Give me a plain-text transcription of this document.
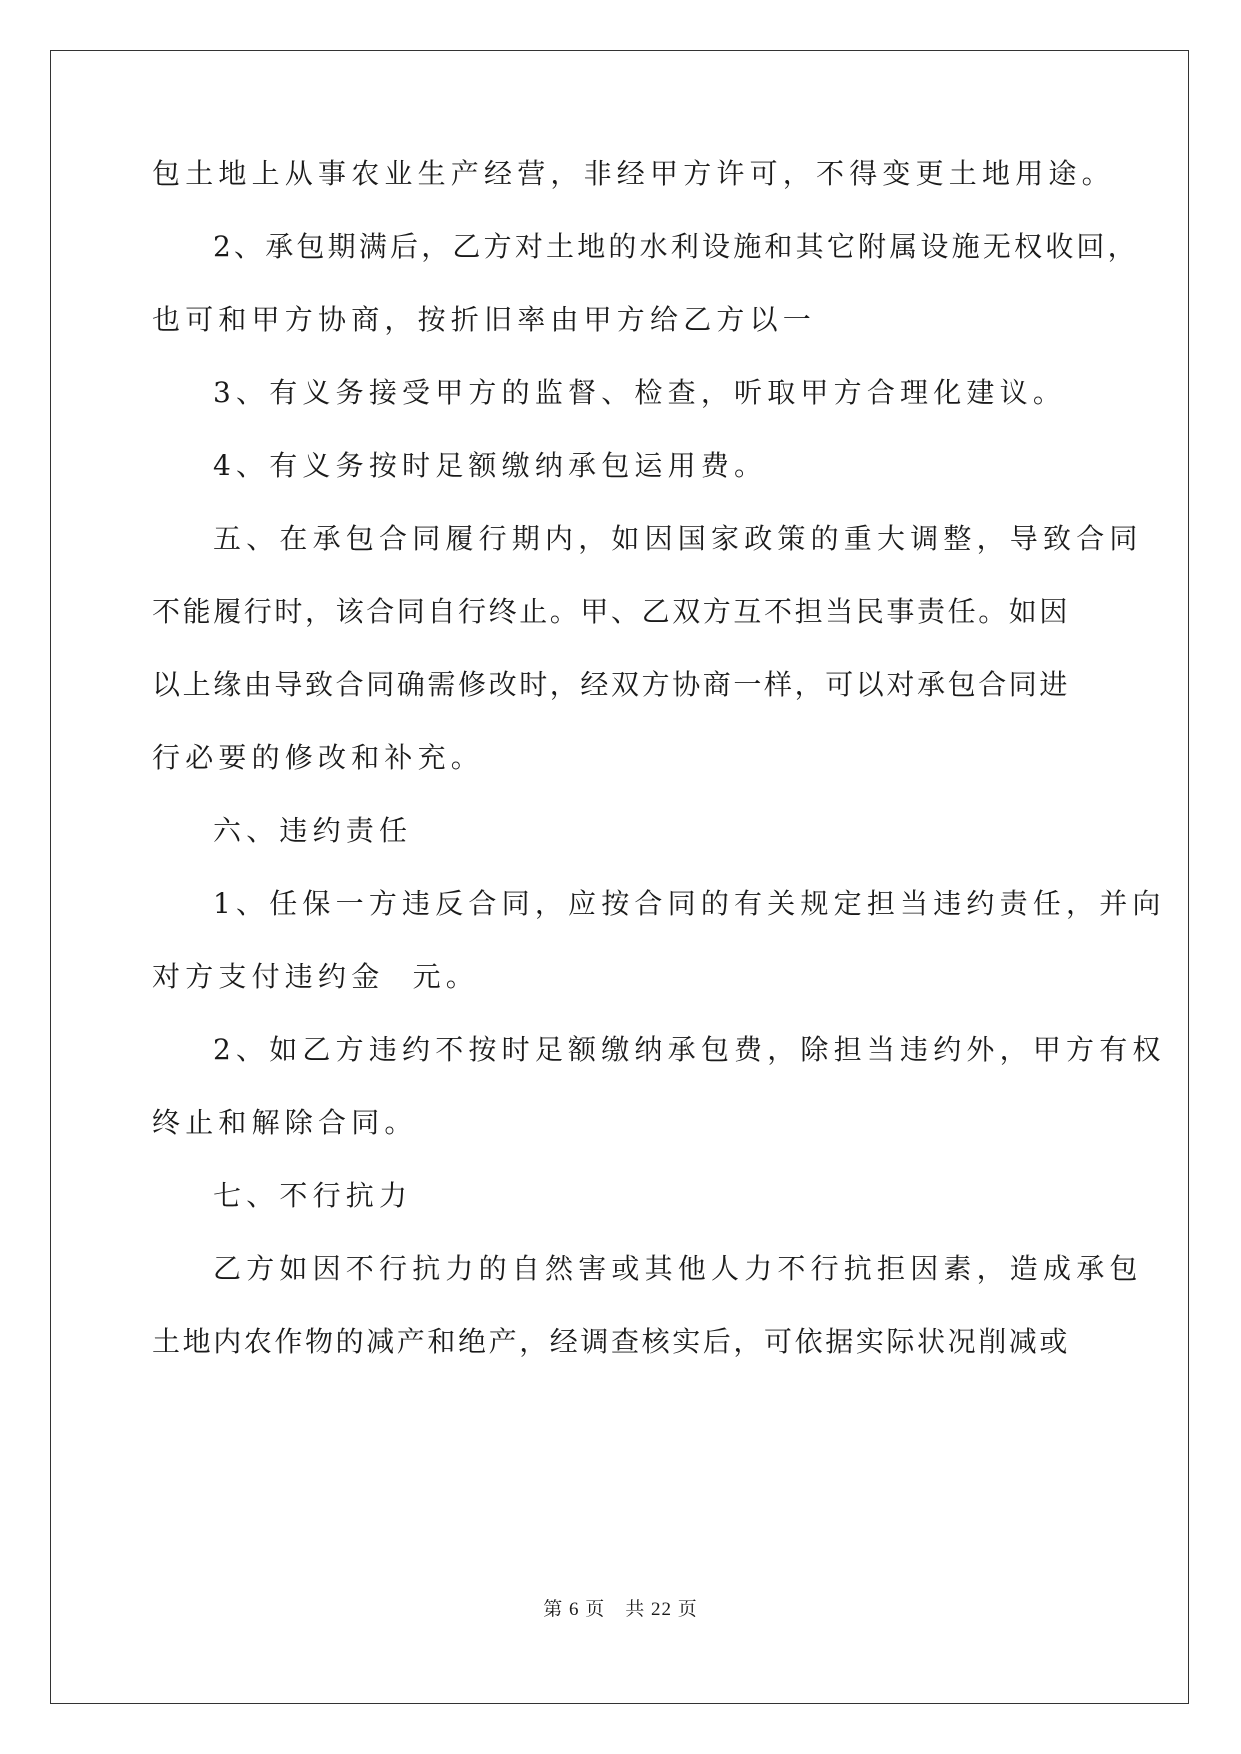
包土地上从事农业生产经营，非经甲方许可，不得变更土地用途。
2、承包期满后，乙方对土地的水利设施和其它附属设施无权收回，
也可和甲方协商，按折旧率由甲方给乙方以一
3、有义务接受甲方的监督、检查，听取甲方合理化建议。
4、有义务按时足额缴纳承包运用费。
五、在承包合同履行期内，如因国家政策的重大调整，导致合同
不能履行时，该合同自行终止。甲、乙双方互不担当民事责任。如因
以上缘由导致合同确需修改时，经双方协商一样，可以对承包合同进
行必要的修改和补充。
六、违约责任
1、任保一方违反合同，应按合同的有关规定担当违约责任，并向
对方支付违约金  元。
2、如乙方违约不按时足额缴纳承包费，除担当违约外，甲方有权
终止和解除合同。
七、不行抗力
乙方如因不行抗力的自然害或其他人力不行抗拒因素，造成承包
土地内农作物的减产和绝产，经调查核实后，可依据实际状况削减或
第 6 页 共 22 页
